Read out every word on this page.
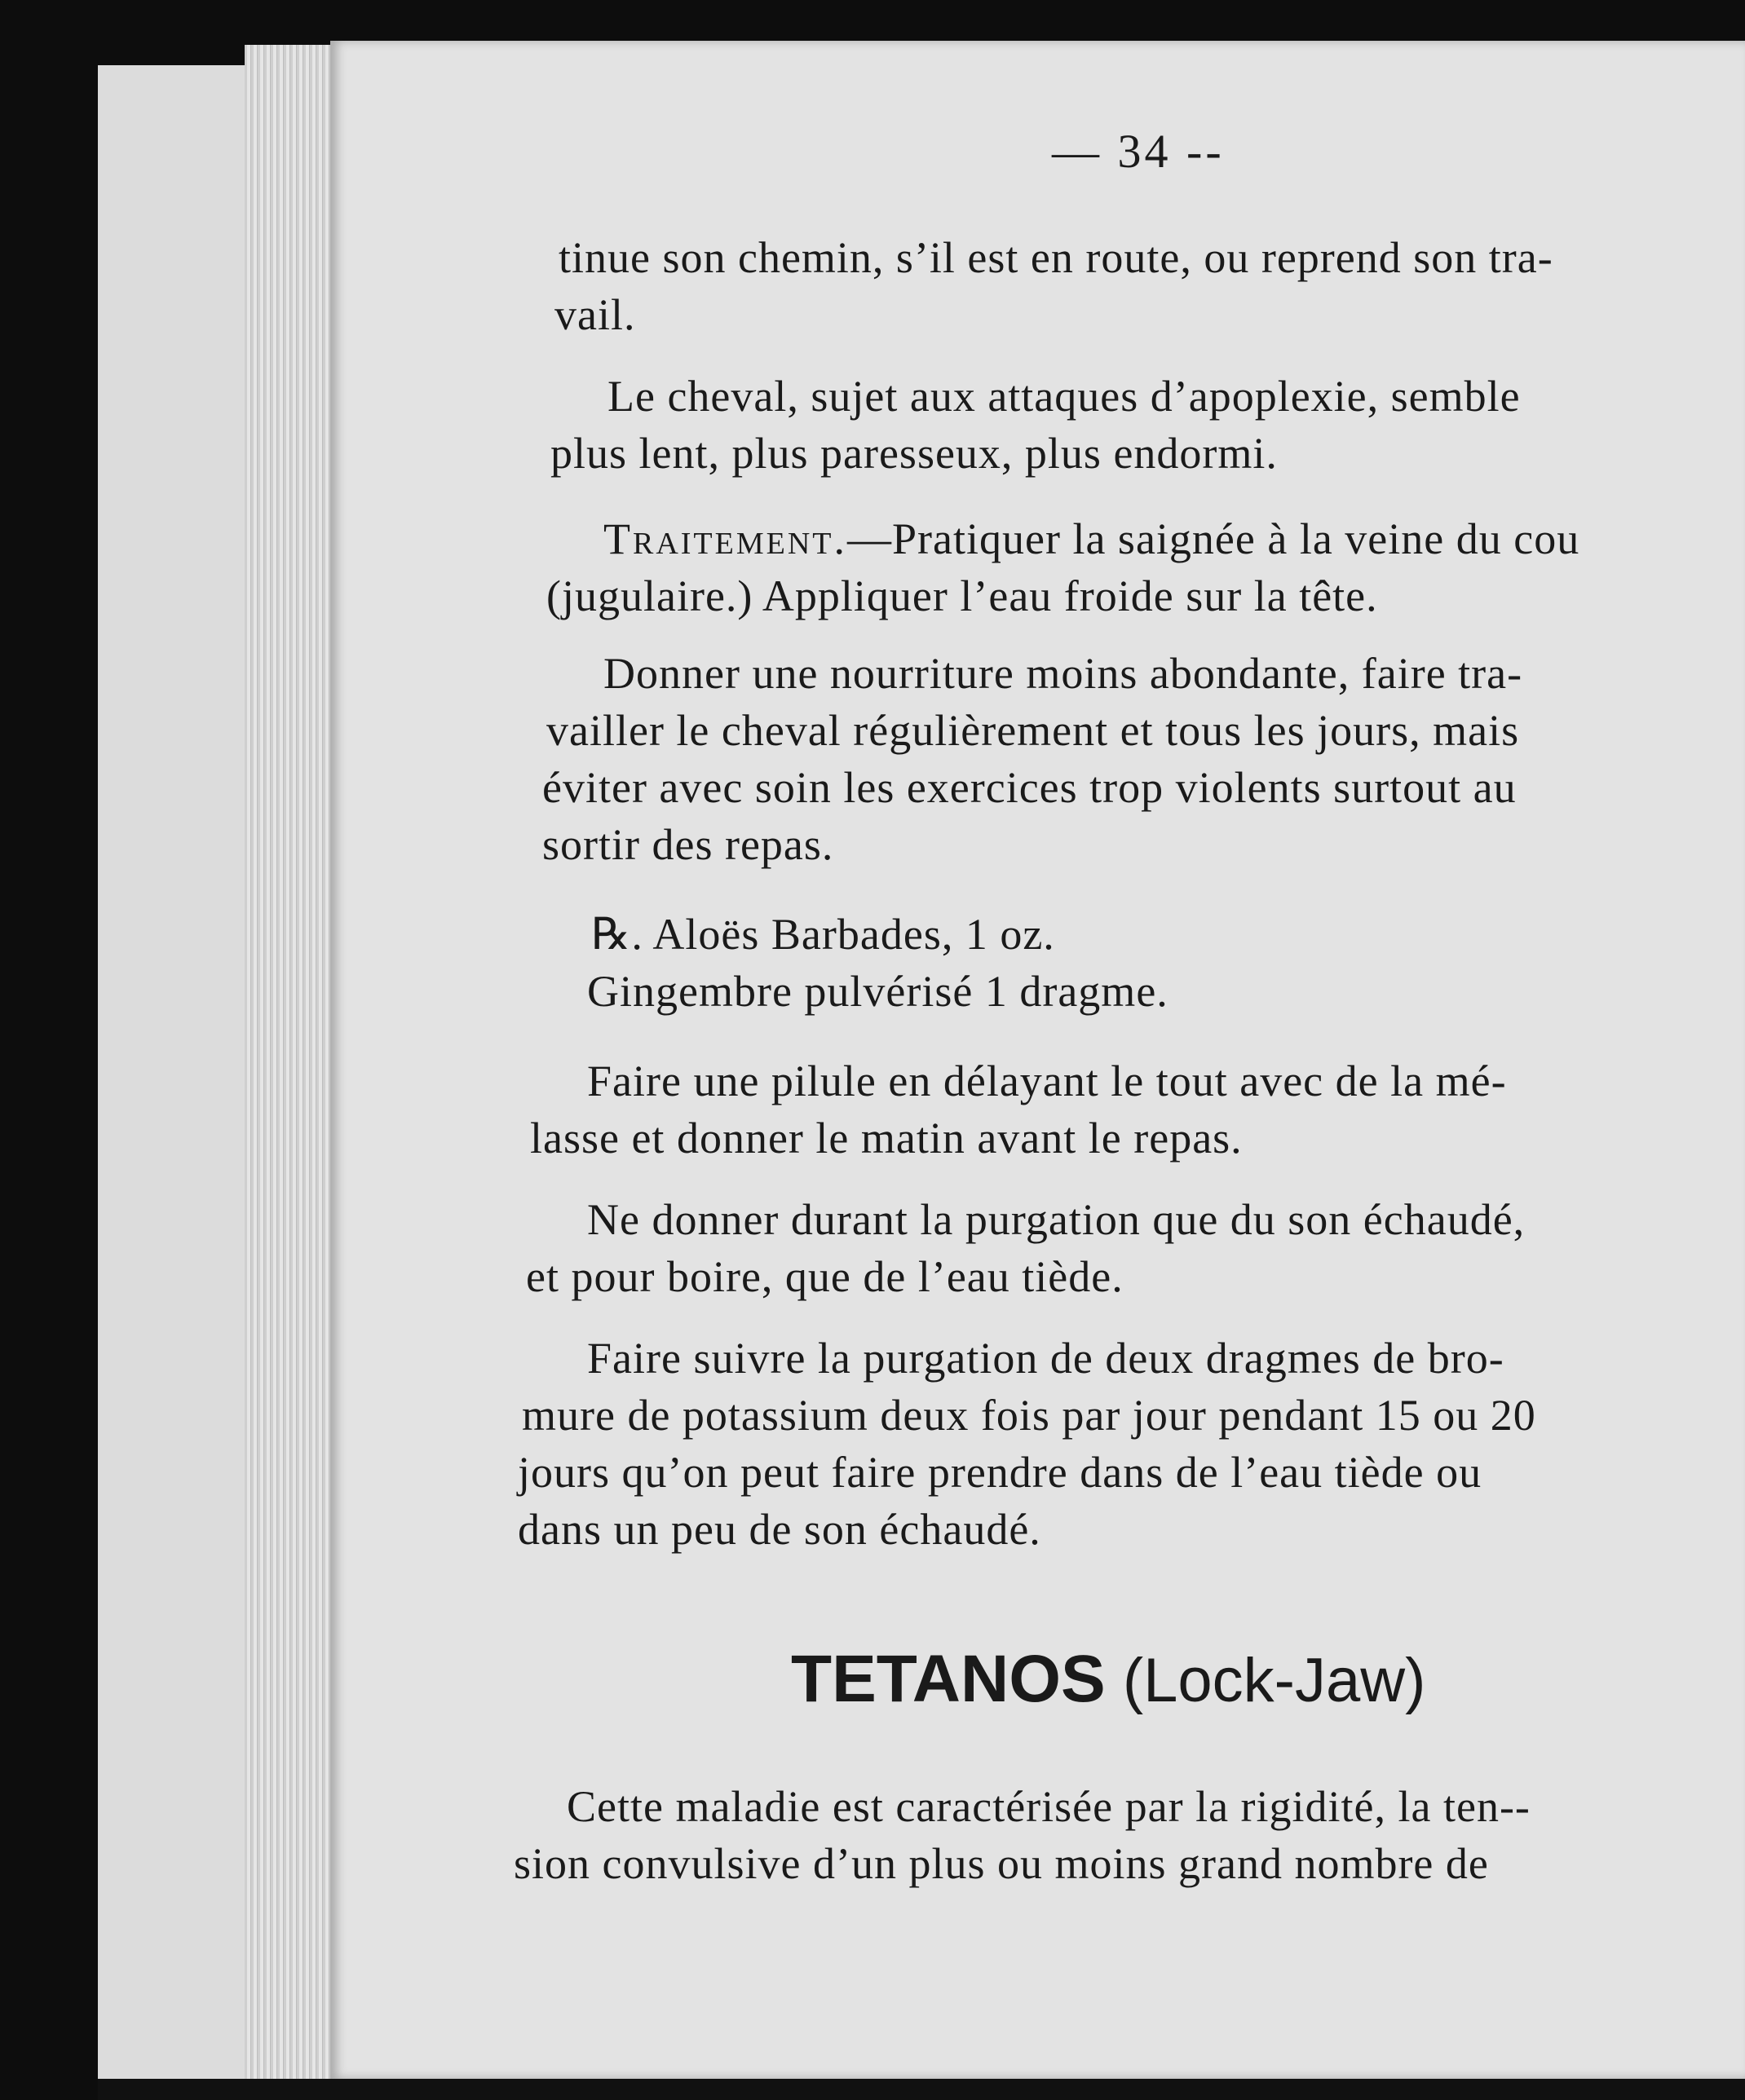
— 34 --

tinue son chemin, s’il est en route, ou reprend son tra-

vail.

Le cheval, sujet aux attaques d’apoplexie, semble

plus lent, plus paresseux, plus endormi.

Traitement.—Pratiquer la saignée à la veine du cou

(jugulaire.) Appliquer l’eau froide sur la tête.

Donner une nourriture moins abondante, faire tra-

vailler le cheval régulièrement et tous les jours, mais

éviter avec soin les exercices trop violents surtout au

sortir des repas.

℞. Aloës Barbades, 1 oz.

Gingembre pulvérisé 1 dragme.

Faire une pilule en délayant le tout avec de la mé-

lasse et donner le matin avant le repas.

Ne donner durant la purgation que du son échaudé,

et pour boire, que de l’eau tiède.

Faire suivre la purgation de deux dragmes de bro-

mure de potassium deux fois par jour pendant 15 ou 20

jours qu’on peut faire prendre dans de l’eau tiède ou

dans un peu de son échaudé.

TETANOS (Lock-Jaw)

Cette maladie est caractérisée par la rigidité, la ten--

sion convulsive d’un plus ou moins grand nombre de
